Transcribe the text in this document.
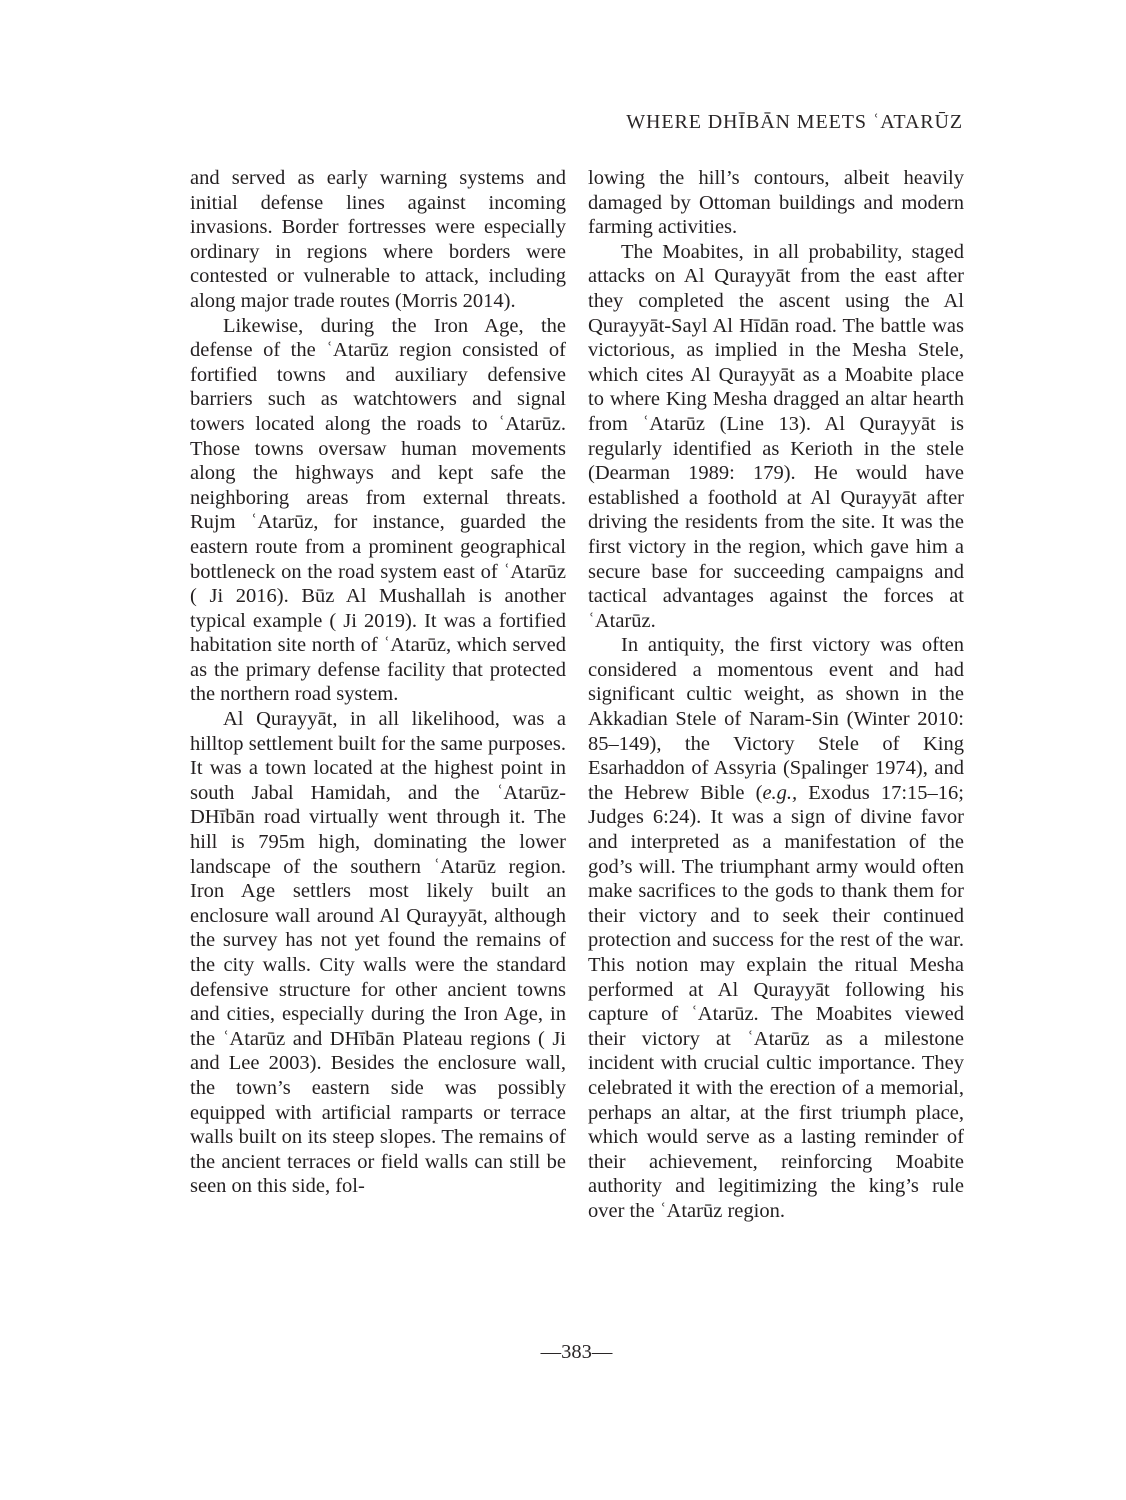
WHERE DHĪBĀN MEETS ʿATARŪZ

and served as early warning systems and initial defense lines against incoming invasions. Border fortresses were especially ordinary in regions where borders were contested or vulnerable to attack, including along major trade routes (Morris 2014).

Likewise, during the Iron Age, the defense of the ʿAtarūz region consisted of fortified towns and auxiliary defensive barriers such as watchtowers and signal towers located along the roads to ʿAtarūz. Those towns oversaw human movements along the highways and kept safe the neighboring areas from external threats. Rujm ʿAtarūz, for instance, guarded the eastern route from a prominent geographical bottleneck on the road system east of ʿAtarūz ( Ji 2016). Būz Al Mushallah is another typical example ( Ji 2019). It was a fortified habitation site north of ʿAtarūz, which served as the primary defense facility that protected the northern road system.

Al Qurayyāt, in all likelihood, was a hilltop settlement built for the same purposes. It was a town located at the highest point in south Jabal Hamidah, and the ʿAtarūz-DHībān road virtually went through it. The hill is 795m high, dominating the lower landscape of the southern ʿAtarūz region. Iron Age settlers most likely built an enclosure wall around Al Qurayyāt, although the survey has not yet found the remains of the city walls. City walls were the standard defensive structure for other ancient towns and cities, especially during the Iron Age, in the ʿAtarūz and DHībān Plateau regions ( Ji and Lee 2003). Besides the enclosure wall, the town’s eastern side was possibly equipped with artificial ramparts or terrace walls built on its steep slopes. The remains of the ancient terraces or field walls can still be seen on this side, fol-

lowing the hill’s contours, albeit heavily damaged by Ottoman buildings and modern farming activities.

The Moabites, in all probability, staged attacks on Al Qurayyāt from the east after they completed the ascent using the Al Qurayyāt-Sayl Al Hīdān road. The battle was victorious, as implied in the Mesha Stele, which cites Al Qurayyāt as a Moabite place to where King Mesha dragged an altar hearth from ʿAtarūz (Line 13). Al Qurayyāt is regularly identified as Kerioth in the stele (Dearman 1989: 179). He would have established a foothold at Al Qurayyāt after driving the residents from the site. It was the first victory in the region, which gave him a secure base for succeeding campaigns and tactical advantages against the forces at ʿAtarūz.

In antiquity, the first victory was often considered a momentous event and had significant cultic weight, as shown in the Akkadian Stele of Naram-Sin (Winter 2010: 85–149), the Victory Stele of King Esarhaddon of Assyria (Spalinger 1974), and the Hebrew Bible (e.g., Exodus 17:15–16; Judges 6:24). It was a sign of divine favor and interpreted as a manifestation of the god’s will. The triumphant army would often make sacrifices to the gods to thank them for their victory and to seek their continued protection and success for the rest of the war. This notion may explain the ritual Mesha performed at Al Qurayyāt following his capture of ʿAtarūz. The Moabites viewed their victory at ʿAtarūz as a milestone incident with crucial cultic importance. They celebrated it with the erection of a memorial, perhaps an altar, at the first triumph place, which would serve as a lasting reminder of their achievement, reinforcing Moabite authority and legitimizing the king’s rule over the ʿAtarūz region.

—383—
